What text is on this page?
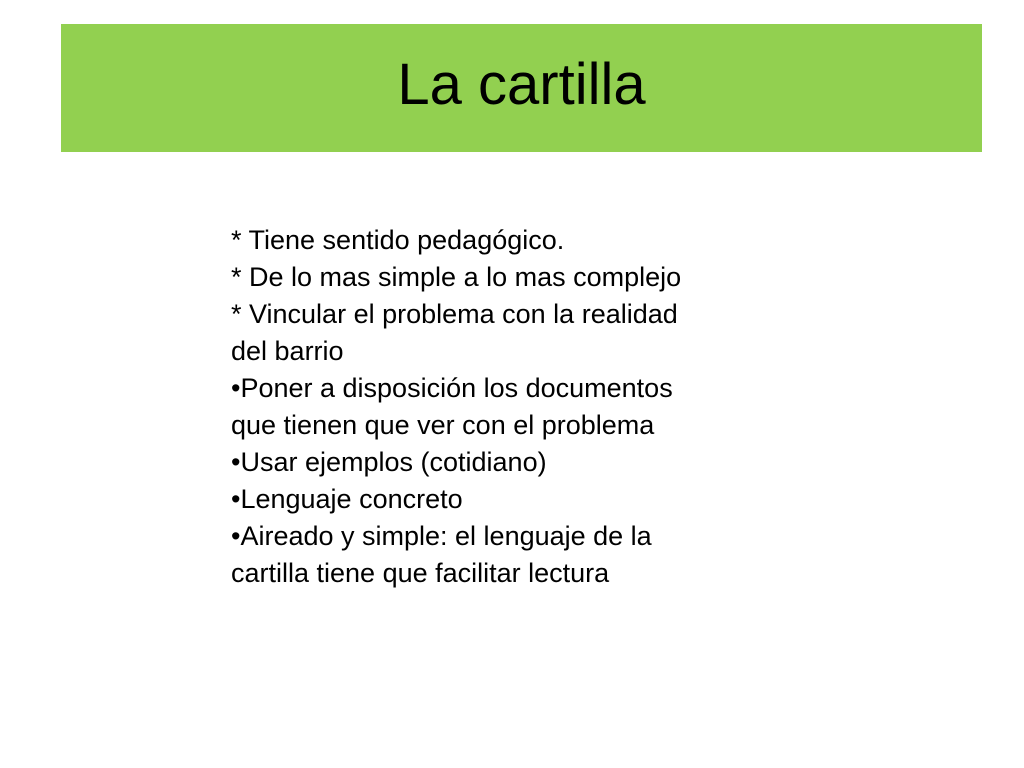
La cartilla
* Tiene sentido pedagógico.
* De lo mas simple a lo mas complejo
* Vincular el problema con la realidad
del barrio
•Poner a disposición los documentos
que tienen que ver con el problema
•Usar ejemplos (cotidiano)
•Lenguaje concreto
•Aireado y simple: el lenguaje de la
cartilla tiene que facilitar lectura
